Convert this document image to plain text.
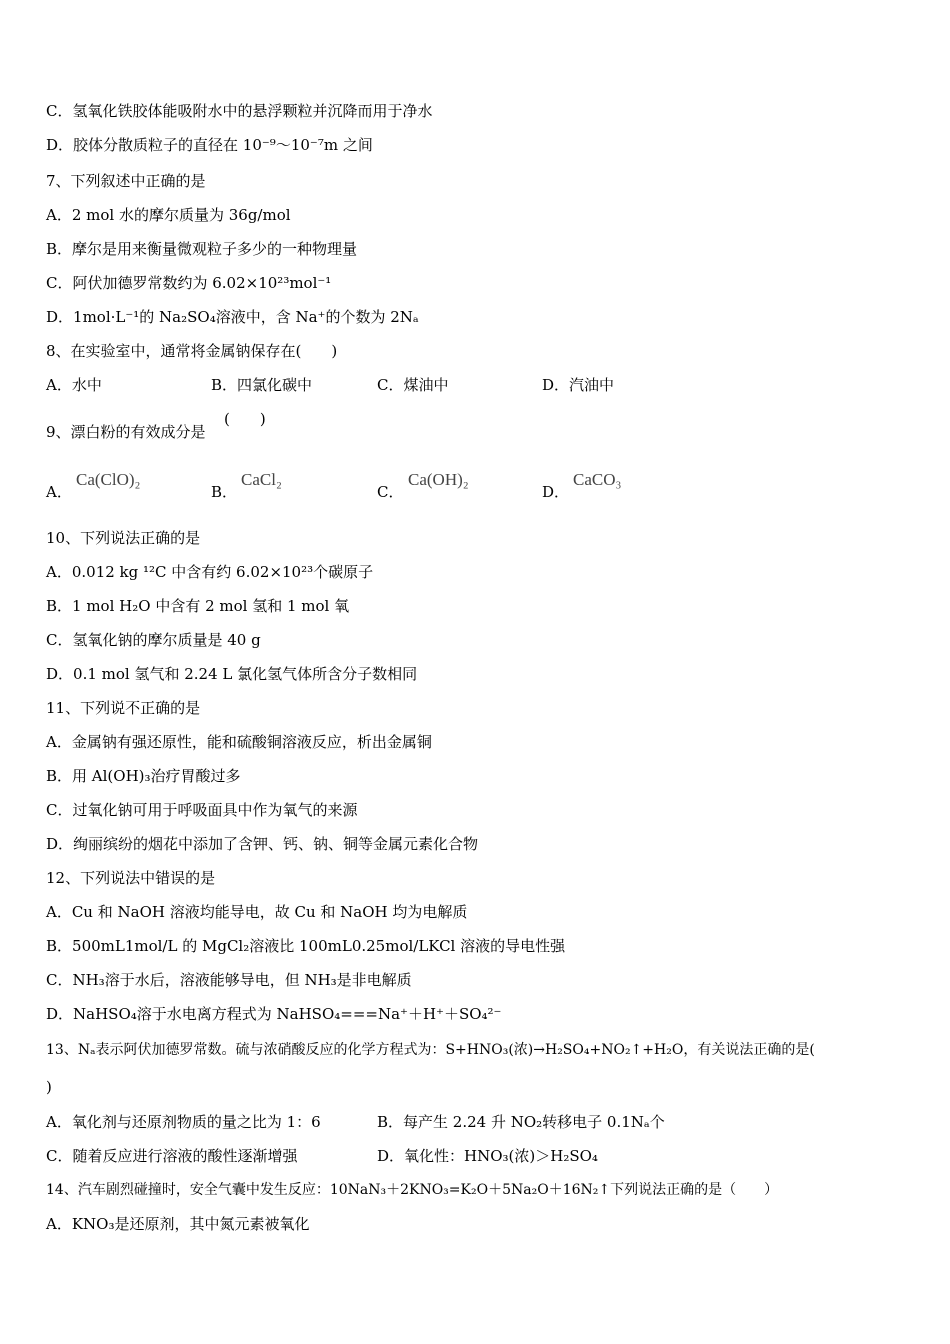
C．氢氧化铁胶体能吸附水中的悬浮颗粒并沉降而用于净水
D．胶体分散质粒子的直径在 10⁻⁹～10⁻⁷m 之间
7、下列叙述中正确的是
A．2 mol 水的摩尔质量为 36g/mol
B．摩尔是用来衡量微观粒子多少的一种物理量
C．阿伏加德罗常数约为 6.02×10²³mol⁻¹
D．1mol·L⁻¹的 Na₂SO₄溶液中，含 Na⁺的个数为 2Nₐ
8、在实验室中，通常将金属钠保存在(　　)
A．水中	B．四氯化碳中	C．煤油中	D．汽油中
9、漂白粉的有效成分是
(　　)
A．
Ca(ClO)₂
B．
CaCl₂
C．
Ca(OH)₂
D．
CaCO₃
10、下列说法正确的是
A．0.012 kg ¹²C 中含有约 6.02×10²³个碳原子
B．1 mol H₂O 中含有 2 mol 氢和 1 mol 氧
C．氢氧化钠的摩尔质量是 40 g
D．0.1 mol 氢气和 2.24 L 氯化氢气体所含分子数相同
11、下列说不正确的是
A．金属钠有强还原性，能和硫酸铜溶液反应，析出金属铜
B．用 Al(OH)₃治疗胃酸过多
C．过氧化钠可用于呼吸面具中作为氧气的来源
D．绚丽缤纷的烟花中添加了含钾、钙、钠、铜等金属元素化合物
12、下列说法中错误的是
A．Cu 和 NaOH 溶液均能导电，故 Cu 和 NaOH 均为电解质
B．500mL1mol/L 的 MgCl₂溶液比 100mL0.25mol/LKCl 溶液的导电性强
C．NH₃溶于水后，溶液能够导电，但 NH₃是非电解质
D．NaHSO₄溶于水电离方程式为 NaHSO₄===Na⁺＋H⁺＋SO₄²⁻
13、Nₐ表示阿伏加德罗常数。硫与浓硝酸反应的化学方程式为：S+HNO₃(浓)→H₂SO₄+NO₂↑+H₂O，有关说法正确的是(
)
A．氧化剂与还原剂物质的量之比为 1：6	B．每产生 2.24 升 NO₂转移电子 0.1Nₐ个
C．随着反应进行溶液的酸性逐渐增强	D．氧化性：HNO₃(浓)＞H₂SO₄
14、汽车剧烈碰撞时，安全气囊中发生反应：10NaN₃＋2KNO₃=K₂O＋5Na₂O＋16N₂↑下列说法正确的是（　　）
A．KNO₃是还原剂，其中氮元素被氧化
